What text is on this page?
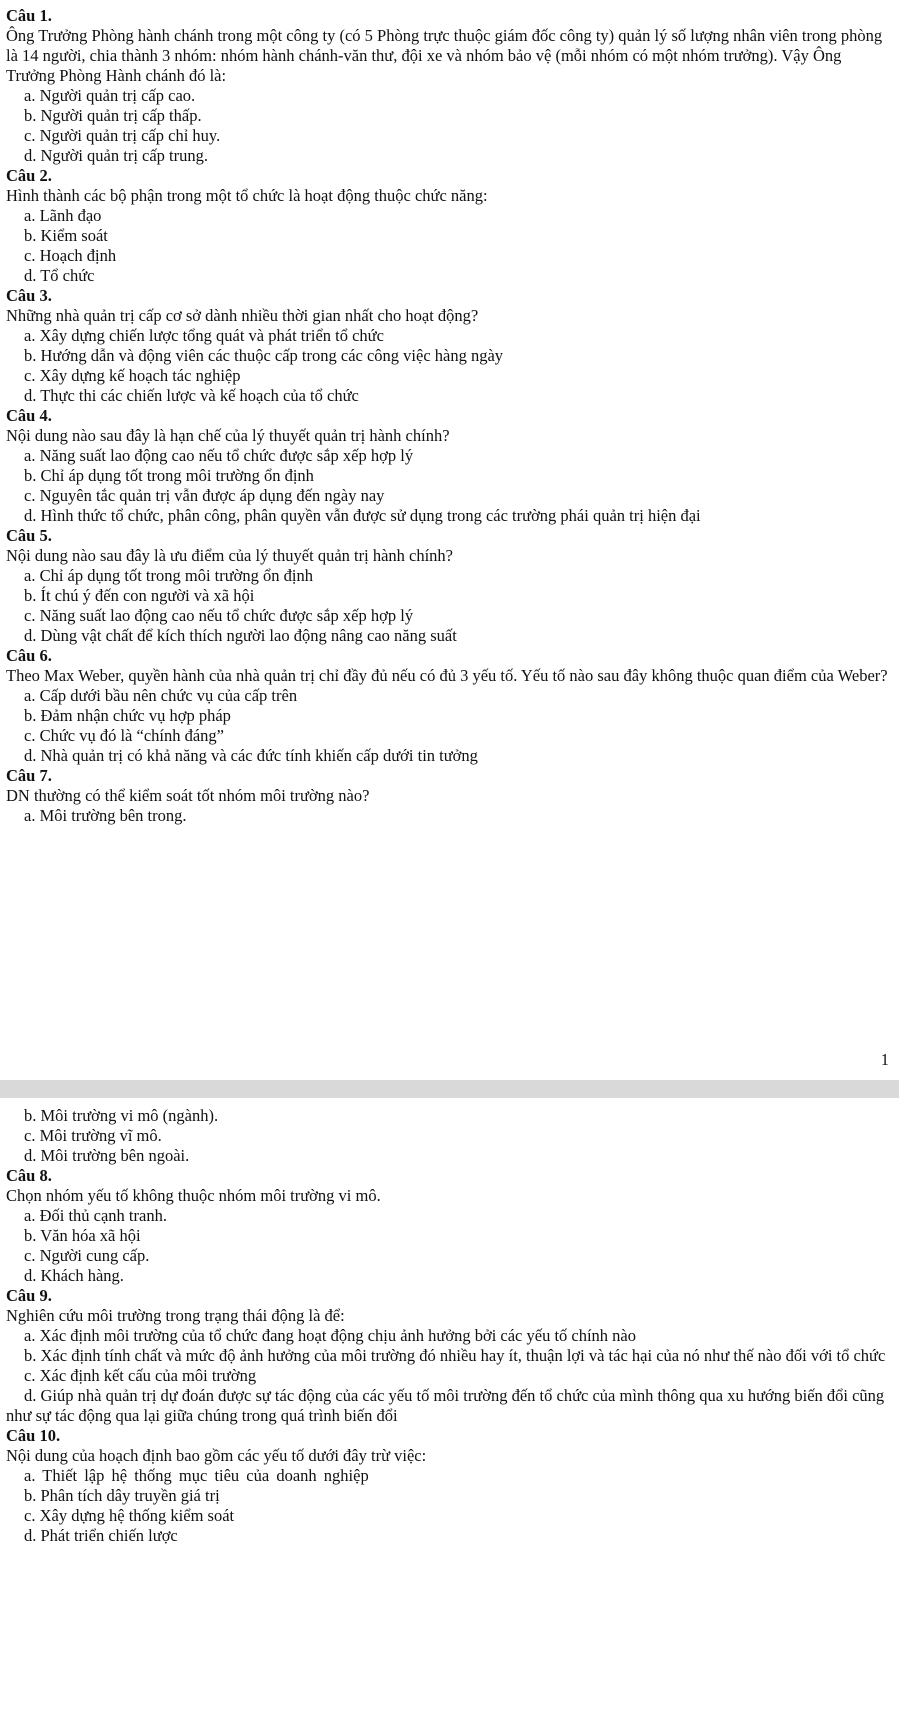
Câu 1.
Ông Trưởng Phòng hành chánh trong một công ty (có 5 Phòng trực thuộc giám đốc công ty) quản lý số lượng nhân viên trong phòng là 14 người, chia thành 3 nhóm: nhóm hành chánh-văn thư, đội xe và nhóm bảo vệ (mỗi nhóm có một nhóm trưởng). Vậy Ông Trưởng Phòng Hành chánh đó là:
a. Người quản trị cấp cao.
b. Người quản trị cấp thấp.
c. Người quản trị cấp chỉ huy.
d. Người quản trị cấp trung.
Câu 2.
Hình thành các bộ phận trong một tổ chức là hoạt động thuộc chức năng:
a. Lãnh đạo
b. Kiểm soát
c. Hoạch định
d. Tổ chức
Câu 3.
Những nhà quản trị cấp cơ sở dành nhiều thời gian nhất cho hoạt động?
a. Xây dựng chiến lược tổng quát và phát triển tổ chức
b. Hướng dẫn và động viên các thuộc cấp trong các công việc hàng ngày
c. Xây dựng kế hoạch tác nghiệp
d. Thực thi các chiến lược và kế hoạch của tổ chức
Câu 4.
Nội dung nào sau đây là hạn chế của lý thuyết quản trị hành chính?
a. Năng suất lao động cao nếu tổ chức được sắp xếp hợp lý
b. Chỉ áp dụng tốt trong môi trường ổn định
c. Nguyên tắc quản trị vẫn được áp dụng đến ngày nay
d. Hình thức tổ chức, phân công, phân quyền vẫn được sử dụng trong các trường phái quản trị hiện đại
Câu 5.
Nội dung nào sau đây là ưu điểm của lý thuyết quản trị hành chính?
a. Chỉ áp dụng tốt trong môi trường ổn định
b. Ít chú ý đến con người và xã hội
c. Năng suất lao động cao nếu tổ chức được sắp xếp hợp lý
d. Dùng vật chất để kích thích người lao động nâng cao năng suất
Câu 6.
Theo Max Weber, quyền hành của nhà quản trị chỉ đầy đủ nếu có đủ 3 yếu tố. Yếu tố nào sau đây không thuộc quan điểm của Weber?
a. Cấp dưới bầu nên chức vụ của cấp trên
b. Đảm nhận chức vụ hợp pháp
c. Chức vụ đó là “chính đáng”
d. Nhà quản trị có khả năng và các đức tính khiến cấp dưới tin tưởng
Câu 7.
DN thường có thể kiểm soát tốt nhóm môi trường nào?
a. Môi trường bên trong.
1
b. Môi trường vi mô (ngành).
c. Môi trường vĩ mô.
d. Môi trường bên ngoài.
Câu 8.
Chọn nhóm yếu tố không thuộc nhóm môi trường vi mô.
a. Đối thủ cạnh tranh.
b. Văn hóa xã hội
c. Người cung cấp.
d. Khách hàng.
Câu 9.
Nghiên cứu môi trường trong trạng thái động là để:
a. Xác định môi trường của tổ chức đang hoạt động chịu ảnh hưởng bởi các yếu tố chính nào
b. Xác định tính chất và mức độ ảnh hưởng của môi trường đó nhiều hay ít, thuận lợi và tác hại của nó như thế nào đối với tổ chức
c. Xác định kết cấu của môi trường
d. Giúp nhà quản trị dự đoán được sự tác động của các yếu tố môi trường đến tổ chức của mình thông qua xu hướng biến đổi cũng như sự tác động qua lại giữa chúng trong quá trình biến đổi
Câu 10.
Nội dung của hoạch định bao gồm các yếu tố dưới đây trừ việc:
a. Thiết lập hệ thống mục tiêu của doanh nghiệp
b. Phân tích dây truyền giá trị
c. Xây dựng hệ thống kiểm soát
d. Phát triển chiến lược
